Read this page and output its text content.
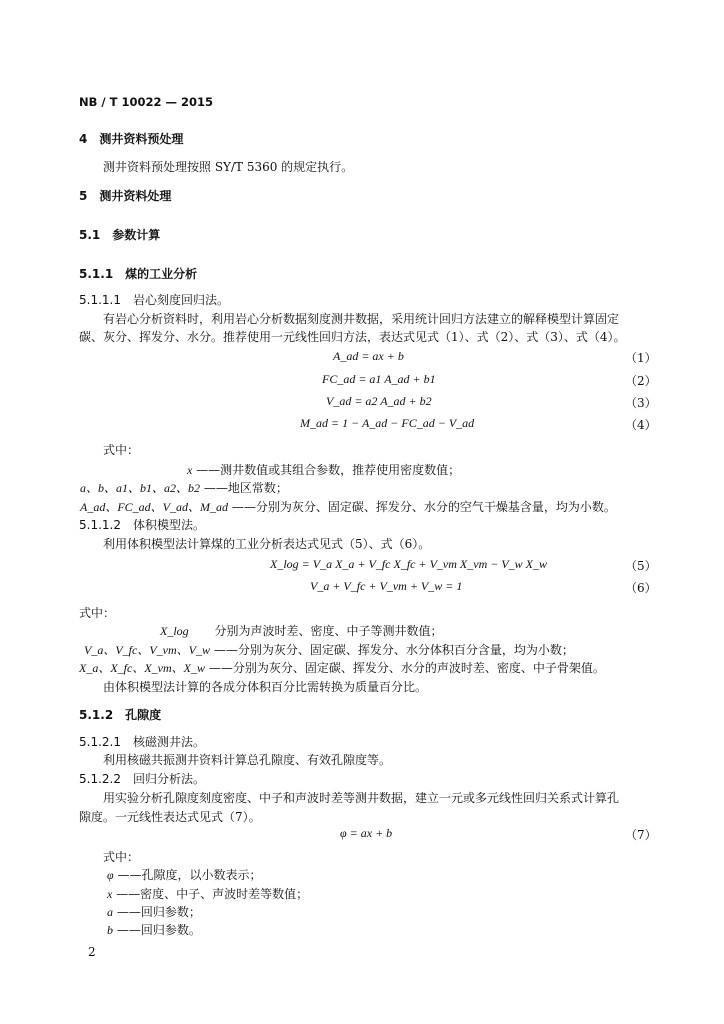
NB / T 10022 — 2015
4　测井资料预处理
测井资料预处理按照 SY/T 5360 的规定执行。
5　测井资料处理
5.1　参数计算
5.1.1　煤的工业分析
5.1.1.1　岩心刻度回归法。
有岩心分析资料时，利用岩心分析数据刻度测井数据，采用统计回归方法建立的解释模型计算固定
碳、灰分、挥发分、水分。推荐使用一元线性回归方法，表达式见式（1）、式（2）、式（3）、式（4）。
A_ad = ax + b	（1）
FC_ad = a1 A_ad + b1	（2）
V_ad = a2 A_ad + b2	（3）
M_ad = 1 − A_ad − FC_ad − V_ad	（4）
式中：
x ——测井数值或其组合参数，推荐使用密度数值；
a、b、a1、b1、a2、b2 ——地区常数；
A_ad、FC_ad、V_ad、M_ad ——分别为灰分、固定碳、挥发分、水分的空气干燥基含量，均为小数。
5.1.1.2　体积模型法。
利用体积模型法计算煤的工业分析表达式见式（5）、式（6）。
X_log = V_a X_a + V_fc X_fc + V_vm X_vm − V_w X_w	（5）
V_a + V_fc + V_vm + V_w = 1	（6）
式中：
X_log 分别为声波时差、密度、中子等测井数值；
V_a、V_fc、V_vm、V_w ——分别为灰分、固定碳、挥发分、水分体积百分含量，均为小数；
X_a、X_fc、X_vm、X_w ——分别为灰分、固定碳、挥发分、水分的声波时差、密度、中子骨架值。
由体积模型法计算的各成分体积百分比需转换为质量百分比。
5.1.2　孔隙度
5.1.2.1　核磁测井法。
利用核磁共振测井资料计算总孔隙度、有效孔隙度等。
5.1.2.2　回归分析法。
用实验分析孔隙度刻度密度、中子和声波时差等测井数据，建立一元或多元线性回归关系式计算孔
隙度。一元线性表达式见式（7）。
φ = ax + b	（7）
式中：
φ ——孔隙度，以小数表示；
x ——密度、中子、声波时差等数值；
a ——回归参数；
b ——回归参数。
2
